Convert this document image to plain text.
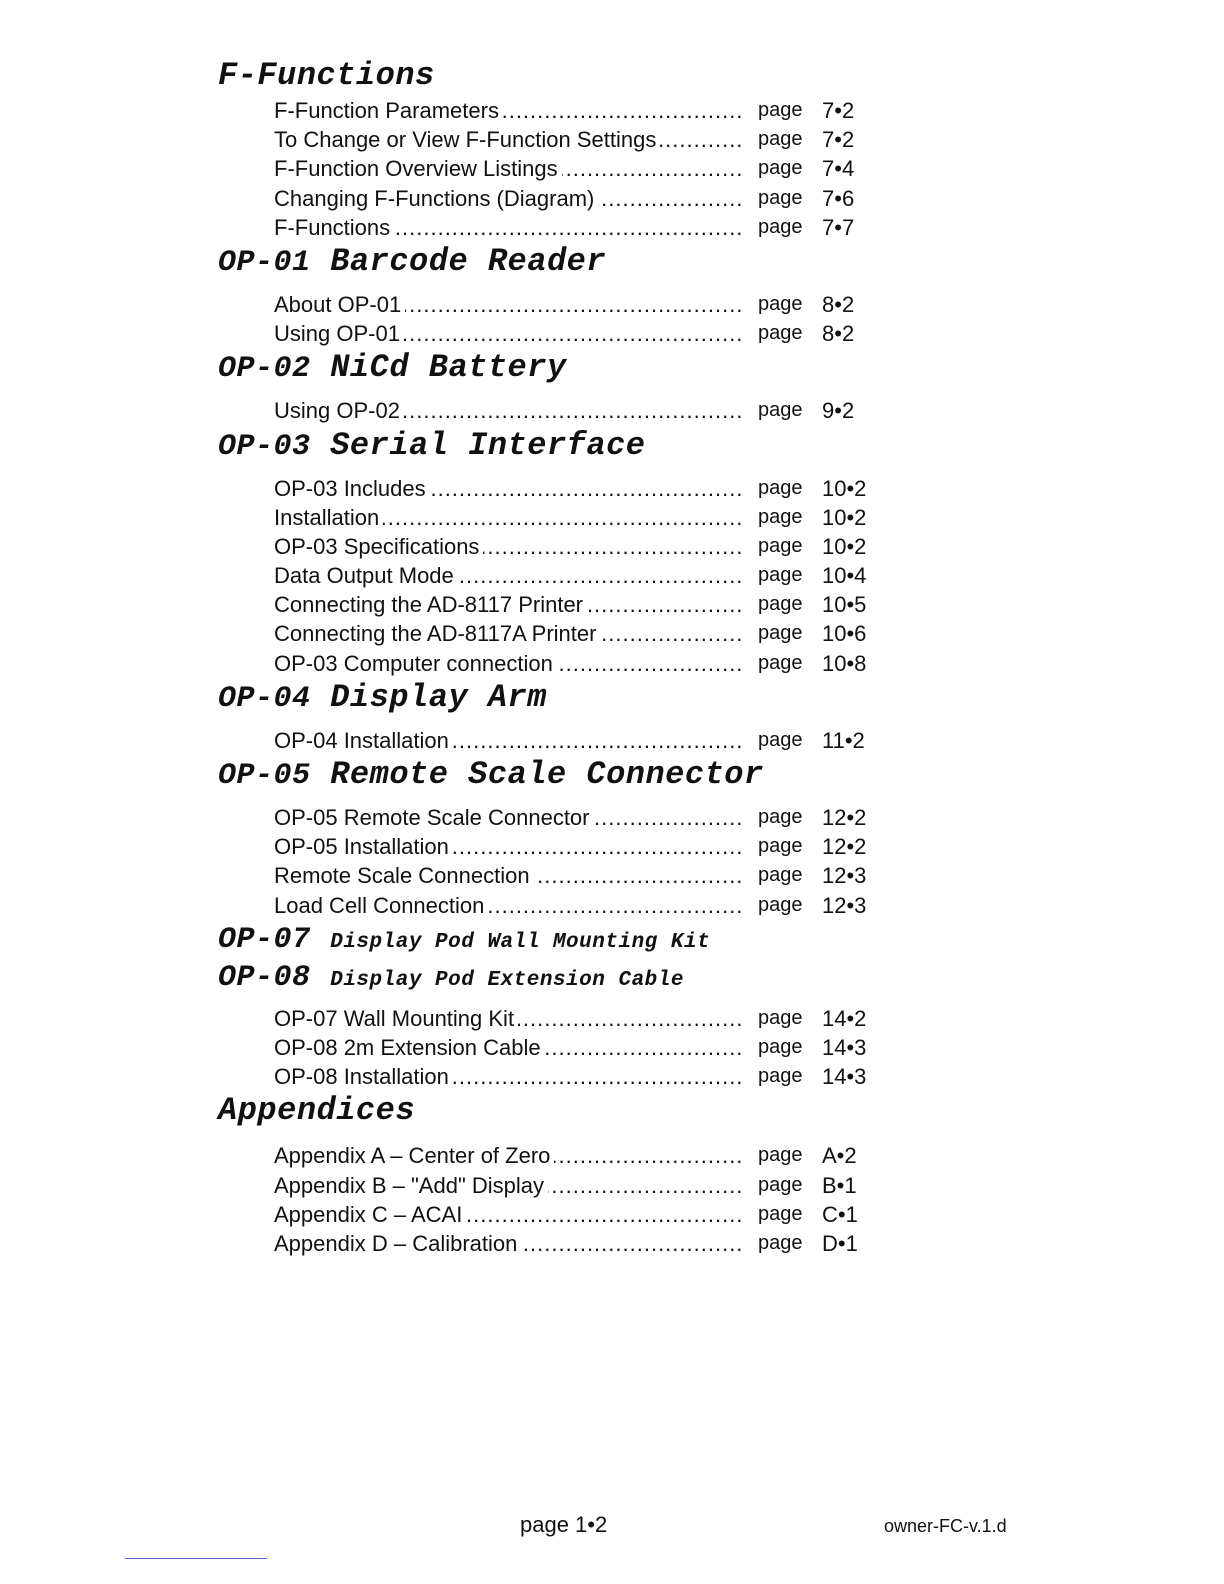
F-Functions
F-Function Parameters .....	page 7•2
To Change or View F-Function Settings .....	page 7•2
F-Function Overview Listings .....	page 7•4
Changing F-Functions (Diagram) .....	page 7•6
F-Functions .....	page 7•7
OP-01 Barcode Reader
About OP-01 .....	page 8•2
Using OP-01 .....	page 8•2
OP-02 NiCd Battery
Using OP-02 .....	page 9•2
OP-03 Serial Interface
OP-03 Includes .....	page 10•2
Installation .....	page 10•2
OP-03 Specifications .....	page 10•2
Data Output Mode .....	page 10•4
Connecting the AD-8117 Printer .....	page 10•5
Connecting the AD-8117A Printer .....	page 10•6
OP-03 Computer connection .....	page 10•8
OP-04 Display Arm
OP-04 Installation .....	page 11•2
OP-05 Remote Scale Connector
OP-05 Remote Scale Connector .....	page 12•2
OP-05 Installation .....	page 12•2
Remote Scale Connection .....	page 12•3
Load Cell Connection .....	page 12•3
OP-07 Display Pod Wall Mounting Kit
OP-08 Display Pod Extension Cable
OP-07 Wall Mounting Kit .....	page 14•2
OP-08 2m Extension Cable .....	page 14•3
OP-08 Installation .....	page 14•3
Appendices
Appendix A – Center of Zero .....	page A•2
Appendix B – "Add" Display .....	page B•1
Appendix C – ACAI .....	page C•1
Appendix D – Calibration .....	page D•1
page 1•2	owner-FC-v.1.d
